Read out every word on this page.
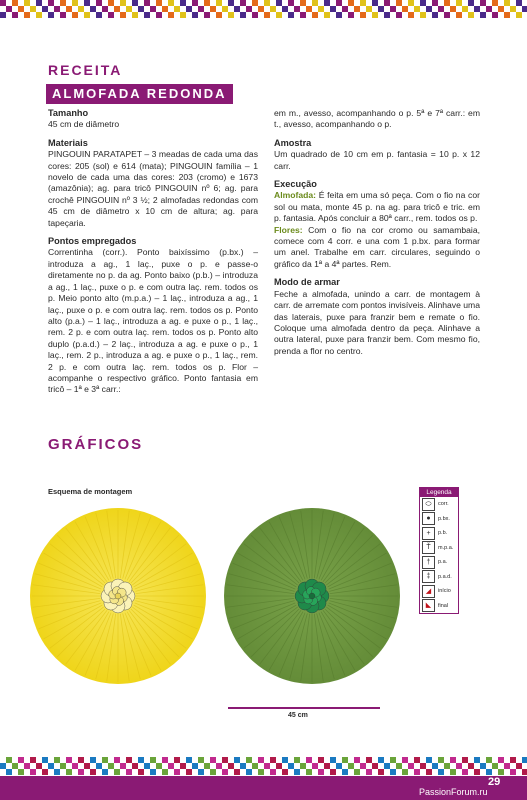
RECEITA
ALMOFADA REDONDA

Tamanho

45 cm de diâmetro

Materiais

PINGOUIN PARATAPET – 3 meadas de cada uma das cores: 205 (sol) e 614 (mata); PINGOUIN família – 1 novelo de cada uma das cores: 203 (cromo) e 1673 (amazônia); ag. para tricô PINGOUIN nº 6; ag. para crochê PINGOUIN nº 3 ½; 2 almofadas redondas com 45 cm de diâmetro x 10 cm de altura; ag. para tapeçaria.

Pontos empregados

Correntinha (corr.). Ponto baixíssimo (p.bx.) – introduza a ag., 1 laç., puxe o p. e passe-o diretamente no p. da ag. Ponto baixo (p.b.) – introduza a ag., 1 laç., puxe o p. e com outra laç. rem. todos os p. Meio ponto alto (m.p.a.) – 1 laç., introduza a ag., 1 laç., puxe o p. e com outra laç. rem. todos os p. Ponto alto (p.a.) – 1 laç., introduza a ag. e puxe o p., 1 laç., rem. 2 p. e com outra laç. rem. todos os p. Ponto alto duplo (p.a.d.) – 2 laç., introduza a ag. e puxe o p., 1 laç., rem. 2 p., introduza a ag. e puxe o p., 1 laç., rem. 2 p. e com outra laç. rem. todos os p. Flor – acompanhe o respectivo gráfico. Ponto fantasia em tricô – 1ª e 3ª carr.:

em m., avesso, acompanhando o p. 5ª e 7ª carr.: em t., avesso, acompanhando o p.

Amostra

Um quadrado de 10 cm em p. fantasia = 10 p. x 12 carr.

Execução

Almofada: É feita em uma só peça. Com o fio na cor sol ou mata, monte 45 p. na ag. para tricô e tric. em p. fantasia. Após concluir a 80ª carr., rem. todos os p.

Flores: Com o fio na cor cromo ou samambaia, comece com 4 corr. e una com 1 p.bx. para formar um anel. Trabalhe em carr. circulares, seguindo o gráfico da 1ª a 4ª partes. Rem.

Modo de armar

Feche a almofada, unindo a carr. de montagem à carr. de arremate com pontos invisíveis. Alinhave uma das laterais, puxe para franzir bem e remate o fio. Coloque uma almofada dentro da peça. Alinhave a outra lateral, puxe para franzir bem. Com mesmo fio, prenda a flor no centro.

GRÁFICOS
Esquema de montagem	Legenda
⬭	corr.
●	p.bx.
+	p.b.
Ť	m.p.a.
†	p.a.
‡	p.a.d.
◢	início
◣	final
45 cm
29
PassionForum.ru
